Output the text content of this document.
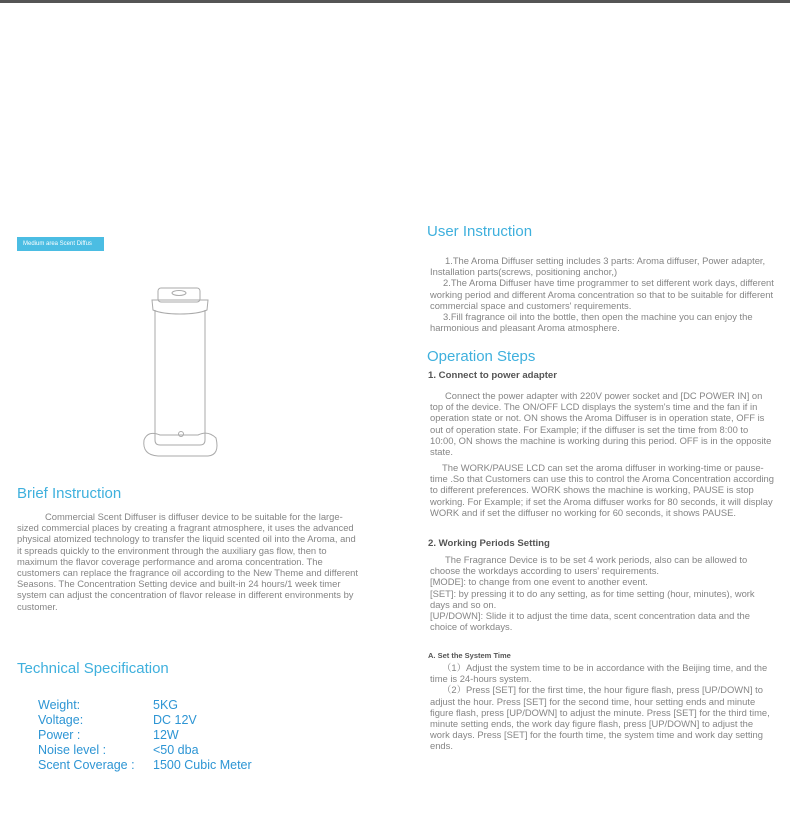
Medium area Scent Diffus
Brief Instruction
Commercial Scent Diffuser is diffuser device to be suitable for the large-sized commercial places by creating a fragrant atmosphere, it uses the advanced physical atomized technology to transfer the liquid scented oil into the Aroma, and it spreads quickly to the environment through the auxiliary gas flow, then to maximum the flavor coverage performance and aroma concentration. The customers can replace the fragrance oil according to the New Theme and different Seasons. The Concentration Setting device and built-in 24 hours/1 week timer system can adjust the concentration of flavor release in different environments by customer.
Technical Specification
Weight:	5KG
Voltage:	DC 12V
Power :	12W
Noise level :	<50 dba
Scent Coverage :	1500 Cubic Meter
User Instruction
1.The Aroma Diffuser setting includes 3 parts: Aroma diffuser, Power adapter, Installation parts(screws, positioning anchor,)
2.The Aroma Diffuser have time programmer to set different work days, different working period and different Aroma concentration so that to be suitable for different commercial space and customers' requirements.
3.Fill fragrance oil into the bottle, then open the machine you can enjoy the harmonious and pleasant Aroma atmosphere.
Operation Steps
1. Connect to power adapter
Connect the power adapter with 220V power socket and [DC POWER IN] on top of the device. The ON/OFF LCD displays the system's time and the fan if in operation state or not. ON shows the Aroma Diffuser is in operation state, OFF is out of operation state. For Example; if the diffuser is set the time from 8:00 to 10:00, ON shows the machine is working during this period. OFF is in the opposite state.
The WORK/PAUSE LCD can set the aroma diffuser in working-time or pause-time .So that Customers can use this to control the Aroma Concentration according to different preferences. WORK shows the machine is working, PAUSE is stop working. For Example; if set the Aroma diffuser works for 80 seconds, it will display WORK and if set the diffuser no working for 60 seconds, it shows PAUSE.
2. Working Periods Setting
The Fragrance Device is to be set 4 work periods, also can be allowed to choose the workdays according to users' requirements.
[MODE]: to change from one event to another event.
[SET]: by pressing it to do any setting, as for time setting (hour, minutes), work days and so on.
[UP/DOWN]: Slide it to adjust the time data, scent concentration data and the choice of workdays.
A. Set the System Time
（1）Adjust the system time to be in accordance with the Beijing time, and the time is 24-hours system.
（2）Press [SET] for the first time, the hour figure flash, press [UP/DOWN] to adjust the hour. Press [SET] for the second time, hour setting ends and minute figure flash, press [UP/DOWN] to adjust the minute. Press [SET] for the third time, minute setting ends, the work day figure flash, press [UP/DOWN] to adjust the work days. Press [SET] for the fourth time, the system time and work day setting ends.
